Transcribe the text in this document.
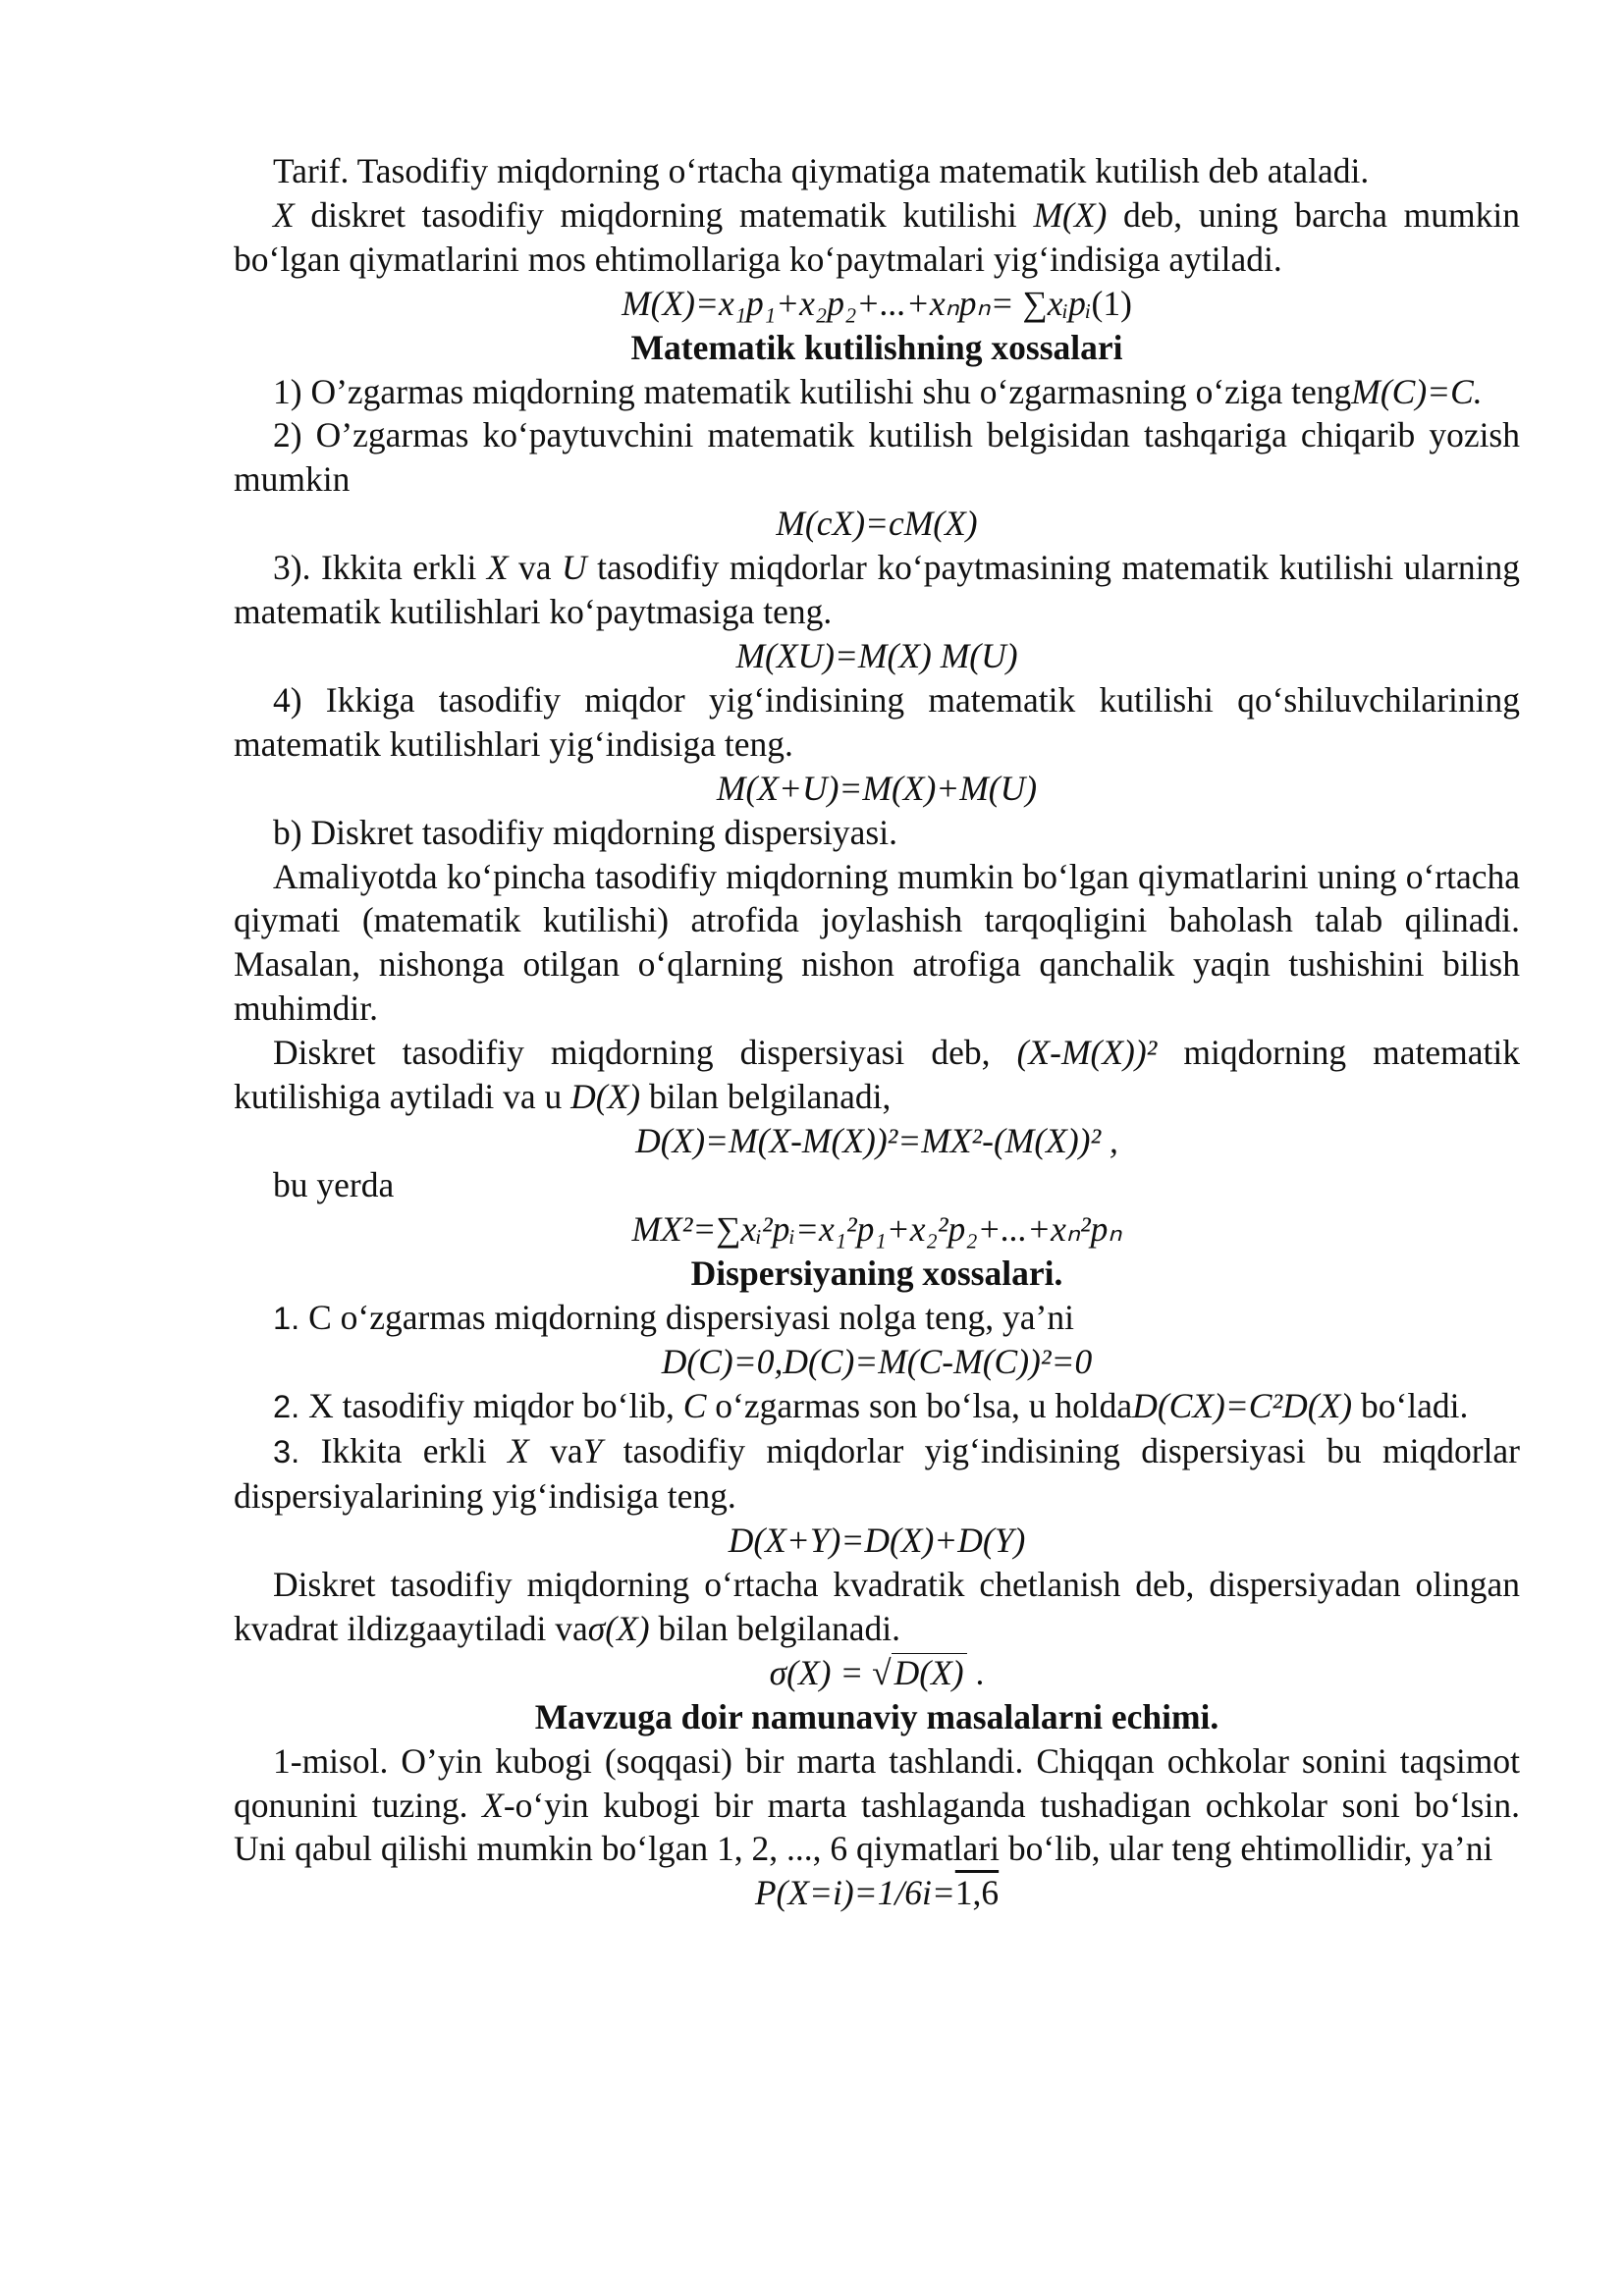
Tarif. Tasodifiy miqdorning o‘rtacha qiymatiga matematik kutilish deb ataladi.

X diskret tasodifiy miqdorning matematik kutilishi M(X) deb, uning barcha mumkin bo‘lgan qiymatlarini mos ehtimollariga ko‘paytmalari yig‘indisiga aytiladi.

M(X)=x₁p₁+x₂p₂+...+xₙpₙ= ∑xᵢpᵢ(1)

Matematik kutilishning xossalari

1) O’zgarmas miqdorning matematik kutilishi shu o‘zgarmasning o‘ziga tengM(C)=C.

2) O’zgarmas ko‘paytuvchini matematik kutilish belgisidan tashqariga chiqarib yozish mumkin

M(cX)=cM(X)

3). Ikkita erkli X va U tasodifiy miqdorlar ko‘paytmasining matematik kutilishi ularning matematik kutilishlari ko‘paytmasiga teng.

M(XU)=M(X) M(U)

4) Ikkiga tasodifiy miqdor yig‘indisining matematik kutilishi qo‘shiluvchilarining matematik kutilishlari yig‘indisiga teng.

M(X+U)=M(X)+M(U)

b) Diskret tasodifiy miqdorning dispersiyasi.

Amaliyotda ko‘pincha tasodifiy miqdorning mumkin bo‘lgan qiymatlarini uning o‘rtacha qiymati (matematik kutilishi) atrofida joylashish tarqoqligini baholash talab qilinadi. Masalan, nishonga otilgan o‘qlarning nishon atrofiga qanchalik yaqin tushishini bilish muhimdir.

Diskret tasodifiy miqdorning dispersiyasi deb, (X-M(X))² miqdorning matematik kutilishiga aytiladi va u D(X) bilan belgilanadi,

D(X)=M(X-M(X))²=MX²-(M(X))² ,

bu yerda

MX²=∑xᵢ²pᵢ=x₁²p₁+x₂²p₂+...+xₙ²pₙ

Dispersiyaning xossalari.

1. C o‘zgarmas miqdorning dispersiyasi nolga teng, ya’ni

D(C)=0,D(C)=M(C-M(C))²=0

2. X tasodifiy miqdor bo‘lib, C o‘zgarmas son bo‘lsa, u holdaD(CX)=C²D(X) bo‘ladi.

3. Ikkita erkli X vaY tasodifiy miqdorlar yig‘indisining dispersiyasi bu miqdorlar dispersiyalarining yig‘indisiga teng.

D(X+Y)=D(X)+D(Y)

Diskret tasodifiy miqdorning o‘rtacha kvadratik chetlanish deb, dispersiyadan olingan kvadrat ildizgaaytiladi vaσ(X) bilan belgilanadi.

σ(X) = √D(X) .

Mavzuga doir namunaviy masalalarni echimi.

1-misol. O’yin kubogi (soqqasi) bir marta tashlandi. Chiqqan ochkolar sonini taqsimot qonunini tuzing. X-o‘yin kubogi bir marta tashlaganda tushadigan ochkolar soni bo‘lsin. Uni qabul qilishi mumkin bo‘lgan 1, 2, ..., 6 qiymatlari bo‘lib, ular teng ehtimollidir, ya’ni

P(X=i)=1/6i=1,6
